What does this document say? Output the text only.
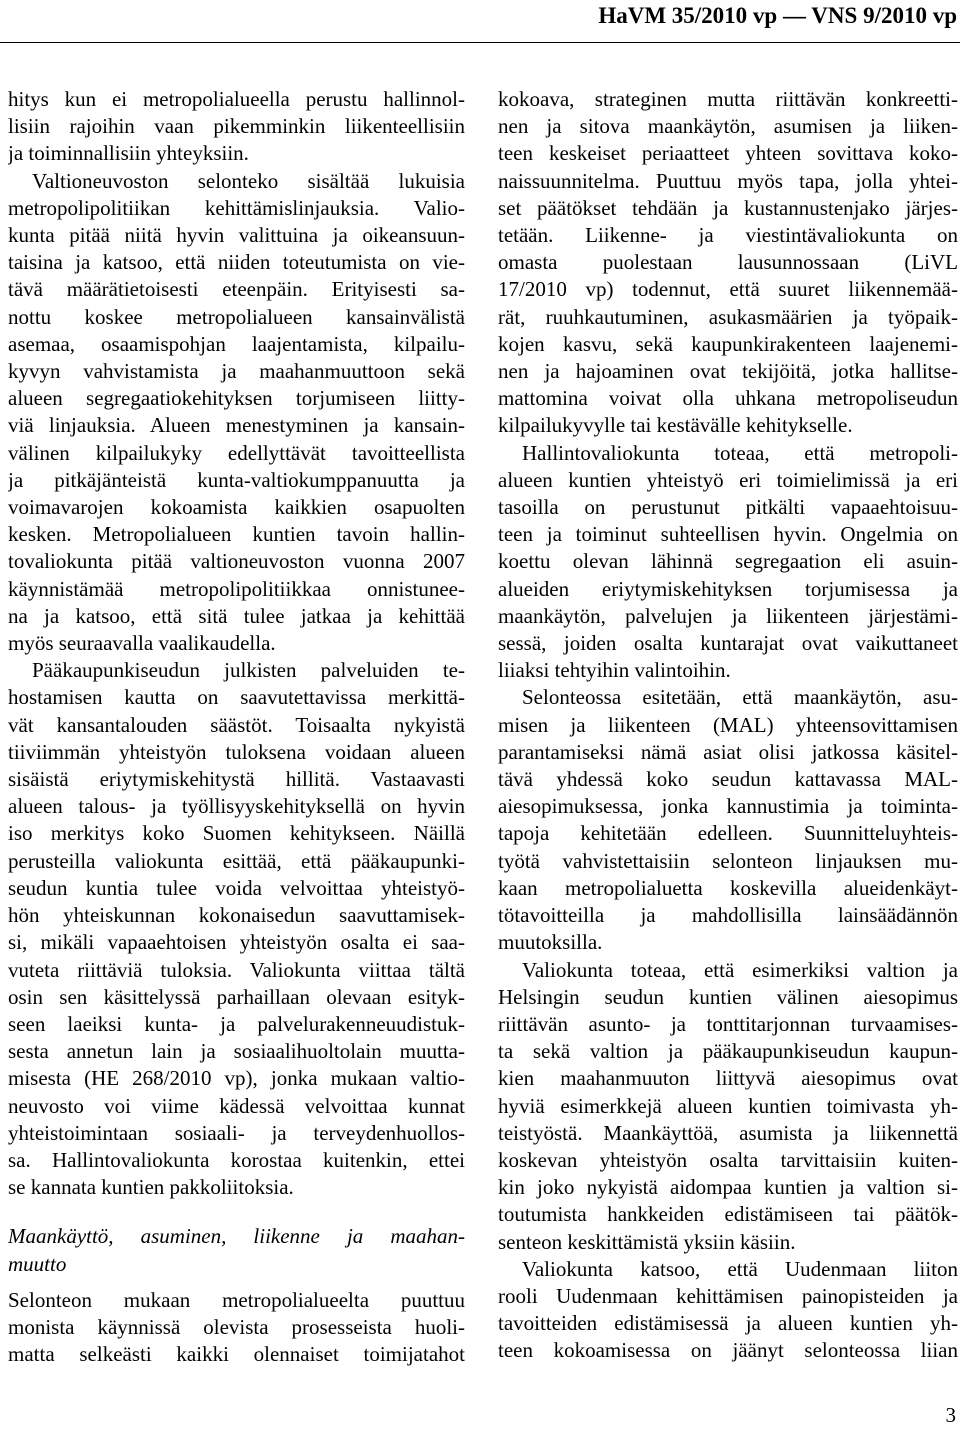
HaVM 35/2010 vp — VNS 9/2010 vp
hitys kun ei metropolialueella perustu hallinnol-
lisiin rajoihin vaan pikemminkin liikenteellisiin
ja toiminnallisiin yhteyksiin.
Valtioneuvoston selonteko sisältää lukuisia
metropolipolitiikan kehittämislinjauksia. Valio-
kunta pitää niitä hyvin valittuina ja oikeansuun-
taisina ja katsoo, että niiden toteutumista on vie-
tävä määrätietoisesti eteenpäin. Erityisesti sa-
nottu koskee metropolialueen kansainvälistä
asemaa, osaamispohjan laajentamista, kilpailu-
kyvyn vahvistamista ja maahanmuuttoon sekä
alueen segregaatiokehityksen torjumiseen liitty-
viä linjauksia. Alueen menestyminen ja kansain-
välinen kilpailukyky edellyttävät tavoitteellista
ja pitkäjänteistä kunta-valtiokumppanuutta ja
voimavarojen kokoamista kaikkien osapuolten
kesken. Metropolialueen kuntien tavoin hallin-
tovaliokunta pitää valtioneuvoston vuonna 2007
käynnistämää metropolipolitiikkaa onnistunee-
na ja katsoo, että sitä tulee jatkaa ja kehittää
myös seuraavalla vaalikaudella.
Pääkaupunkiseudun julkisten palveluiden te-
hostamisen kautta on saavutettavissa merkittä-
vät kansantalouden säästöt. Toisaalta nykyistä
tiiviimmän yhteistyön tuloksena voidaan alueen
sisäistä eriytymiskehitystä hillitä. Vastaavasti
alueen talous- ja työllisyyskehityksellä on hyvin
iso merkitys koko Suomen kehitykseen. Näillä
perusteilla valiokunta esittää, että pääkaupunki-
seudun kuntia tulee voida velvoittaa yhteistyö-
hön yhteiskunnan kokonaisedun saavuttamisek-
si, mikäli vapaaehtoisen yhteistyön osalta ei saa-
vuteta riittäviä tuloksia. Valiokunta viittaa tältä
osin sen käsittelyssä parhaillaan olevaan esityk-
seen laeiksi kunta- ja palvelurakenneuudistuk-
sesta annetun lain ja sosiaalihuoltolain muutta-
misesta (HE 268/2010 vp), jonka mukaan valtio-
neuvosto voi viime kädessä velvoittaa kunnat
yhteistoimintaan sosiaali- ja terveydenhuollos-
sa. Hallintovaliokunta korostaa kuitenkin, ettei
se kannata kuntien pakkoliitoksia.
Maankäyttö, asuminen, liikenne ja maahan-
muutto
Selonteon mukaan metropolialueelta puuttuu
monista käynnissä olevista prosesseista huoli-
matta selkeästi kaikki olennaiset toimijatahot
kokoava, strateginen mutta riittävän konkreetti-
nen ja sitova maankäytön, asumisen ja liiken-
teen keskeiset periaatteet yhteen sovittava koko-
naissuunnitelma. Puuttuu myös tapa, jolla yhtei-
set päätökset tehdään ja kustannustenjako järjes-
tetään. Liikenne- ja viestintävaliokunta on
omasta puolestaan lausunnossaan (LiVL
17/2010 vp) todennut, että suuret liikennemää-
rät, ruuhkautuminen, asukasmäärien ja työpaik-
kojen kasvu, sekä kaupunkirakenteen laajenemi-
nen ja hajoaminen ovat tekijöitä, jotka hallitse-
mattomina voivat olla uhkana metropoliseudun
kilpailukyvylle tai kestävälle kehitykselle.
Hallintovaliokunta toteaa, että metropoli-
alueen kuntien yhteistyö eri toimielimissä ja eri
tasoilla on perustunut pitkälti vapaaehtoisuu-
teen ja toiminut suhteellisen hyvin. Ongelmia on
koettu olevan lähinnä segregaation eli asuin-
alueiden eriytymiskehityksen torjumisessa ja
maankäytön, palvelujen ja liikenteen järjestämi-
sessä, joiden osalta kuntarajat ovat vaikuttaneet
liiaksi tehtyihin valintoihin.
Selonteossa esitetään, että maankäytön, asu-
misen ja liikenteen (MAL) yhteensovittamisen
parantamiseksi nämä asiat olisi jatkossa käsitel-
tävä yhdessä koko seudun kattavassa MAL-
aiesopimuksessa, jonka kannustimia ja toiminta-
tapoja kehitetään edelleen. Suunnitteluyhteis-
työtä vahvistettaisiin selonteon linjauksen mu-
kaan metropolialuetta koskevilla alueidenkäyt-
tötavoitteilla ja mahdollisilla lainsäädännön
muutoksilla.
Valiokunta toteaa, että esimerkiksi valtion ja
Helsingin seudun kuntien välinen aiesopimus
riittävän asunto- ja tonttitarjonnan turvaamises-
ta sekä valtion ja pääkaupunkiseudun kaupun-
kien maahanmuuton liittyvä aiesopimus ovat
hyviä esimerkkejä alueen kuntien toimivasta yh-
teistyöstä. Maankäyttöä, asumista ja liikennettä
koskevan yhteistyön osalta tarvittaisiin kuiten-
kin joko nykyistä aidompaa kuntien ja valtion si-
toutumista hankkeiden edistämiseen tai päätök-
senteon keskittämistä yksiin käsiin.
Valiokunta katsoo, että Uudenmaan liiton
rooli Uudenmaan kehittämisen painopisteiden ja
tavoitteiden edistämisessä ja alueen kuntien yh-
teen kokoamisessa on jäänyt selonteossa liian
3
